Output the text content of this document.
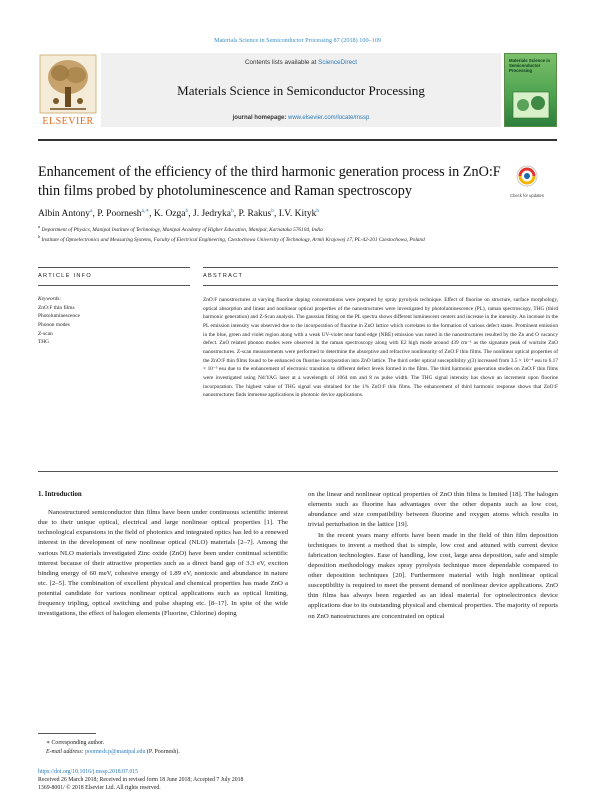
Materials Science in Semiconductor Processing 87 (2018) 100–109
ELSEVIER
Contents lists available at ScienceDirect
Materials Science in Semiconductor Processing
journal homepage: www.elsevier.com/locate/mssp
Materials Science in Semiconductor Processing
Enhancement of the efficiency of the third harmonic generation process in ZnO:F thin films probed by photoluminescence and Raman spectroscopy	Check for updates
Albin Antony$^a$, P. Poornesh$^{a,∗}$, K. Ozga$^b$, J. Jedryka$^b$, P. Rakus$^b$, I.V. Kityk$^b$
$^a$ Department of Physics, Manipal Institute of Technology, Manipal Academy of Higher Education, Manipal, Karnataka 576104, India
$^b$ Institute of Optoelectronics and Measuring Systems, Faculty of Electrical Engineering, Czestochowa University of Technology, Armii Krajowej 17, PL-42-201 Czestochowa, Poland
ARTICLE INFO	ABSTRACT
Keywords:
ZnO:F thin films
Photoluminescence
Phonon modes
Z-scan
THG
ZnO:F nanostructures at varying fluorine doping concentrations were prepared by spray pyrolysis technique. Effect of fluorine on structure, surface morphology, optical absorption and linear and nonlinear optical properties of the nanostructures were investigated by photoluminescence (PL), raman spectroscopy, THG (third harmonic generation) and Z-Scan analysis. The gaussian fitting on the PL spectra shows different luminescent centers and increase in the intensity. An increase in the PL emission intensity was observed due to the incorporation of fluorine in ZnO lattice which correlates to the formation of various defect states. Prominent emission in the blue, green and violet region along with a weak UV-violet near band edge (NBE) emission was noted in the nanostructures resulted by the Zn and O vacancy defect. ZnO related phonon modes were observed in the raman spectroscopy along with E2 high mode around 439 cm⁻¹ as the signature peak of wurtzite ZnO nanostructures. Z-scan measurements were performed to determine the absorptive and refractive nonlinearity of ZnO:F thin films. The nonlinear optical properties of the ZnO:F thin films found to be enhanced on fluorine incorporation into ZnO lattice. The third order optical susceptibility χ(3) increased from 3.5 × 10⁻⁴ esu to 6.17 × 10⁻³ esu due to the enhancement of electronic transition to different defect levels formed in the films. The third harmonic generation studies on ZnO:F thin films were investigated using Nd:YAG laser at a wavelength of 1064 nm and 8 ns pulse width. The THG signal intensity has shown an increment upon fluorine incorporation. The highest value of THG signal was obtained for the 1% ZnO:F thin films. The enhancement of third harmonic response shows that ZnO:F nanostructures finds immense applications in photonic device applications.
1. Introduction

Nanostructured semiconductor thin films have been under continuous scientific interest due to their unique optical, electrical and large nonlinear optical properties [1]. The technological expansions in the field of photonics and integrated optics has led to a renewed interest in the development of new nonlinear optical (NLO) materials [2–7]. Among the various NLO materials investigated Zinc oxide (ZnO) have been under continual scientific interest because of their attractive properties such as a direct band gap of 3.3 eV, exciton binding energy of 60 meV, cohesive energy of 1.89 eV, nontoxic and abundance in nature etc. [2–5]. The combination of excellent physical and chemical properties has made ZnO a potential candidate for various nonlinear optical applications such as optical limiting, frequency tripling, optical switching and pulse shaping etc. [8–17]. In spite of the wide investigations, the effect of halogen elements (Fluorine, Chlorine) doping

on the linear and nonlinear optical properties of ZnO thin films is limited [18]. The halogen elements such as fluorine has advantages over the other dopants such as low cost, abundance and size compatibility between fluorine and oxygen atoms which results in trivial perturbation in the lattice [19].

In the recent years many efforts have been made in the field of thin film deposition techniques to invent a method that is simple, low cost and attuned with current device fabrication technologies. Ease of handling, low cost, large area deposition, safe and simple deposition methodology makes spray pyrolysis technique more dependable compared to other deposition techniques [20]. Furthermore material with high nonlinear optical susceptibility is required to meet the present demand of nonlinear device applications. ZnO thin films has always been regarded as an ideal material for optoelectronics device applications due to its outstanding physical and chemical properties. The majority of reports on ZnO nanostructures are concentrated on optical

∗ Corresponding author.
E-mail address: poornesh.p@manipal.edu (P. Poornesh).
https://doi.org/10.1016/j.mssp.2018.07.015
Received 26 March 2018; Received in revised form 18 June 2018; Accepted 7 July 2018
1369-8001/ © 2018 Elsevier Ltd. All rights reserved.
